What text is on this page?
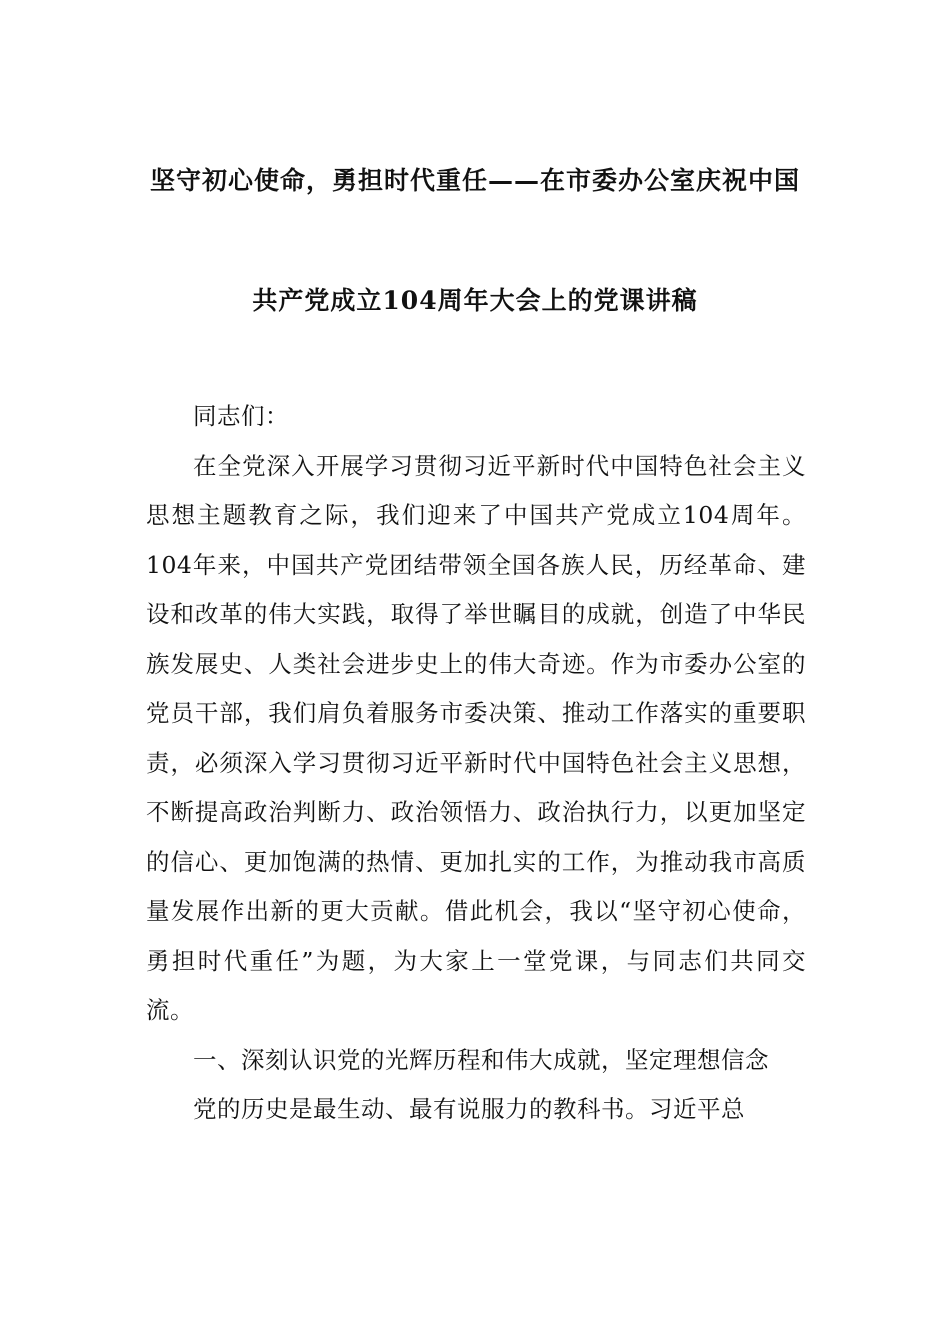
坚守初心使命，勇担时代重任——在市委办公室庆祝中国
共产党成立104周年大会上的党课讲稿

同志们：

在全党深入开展学习贯彻习近平新时代中国特色社会主义思想主题教育之际，我们迎来了中国共产党成立104周年。104年来，中国共产党团结带领全国各族人民，历经革命、建设和改革的伟大实践，取得了举世瞩目的成就，创造了中华民族发展史、人类社会进步史上的伟大奇迹。作为市委办公室的党员干部，我们肩负着服务市委决策、推动工作落实的重要职责，必须深入学习贯彻习近平新时代中国特色社会主义思想，不断提高政治判断力、政治领悟力、政治执行力，以更加坚定的信心、更加饱满的热情、更加扎实的工作，为推动我市高质量发展作出新的更大贡献。借此机会，我以“坚守初心使命，勇担时代重任”为题，为大家上一堂党课，与同志们共同交流。

一、深刻认识党的光辉历程和伟大成就，坚定理想信念

党的历史是最生动、最有说服力的教科书。习近平总
